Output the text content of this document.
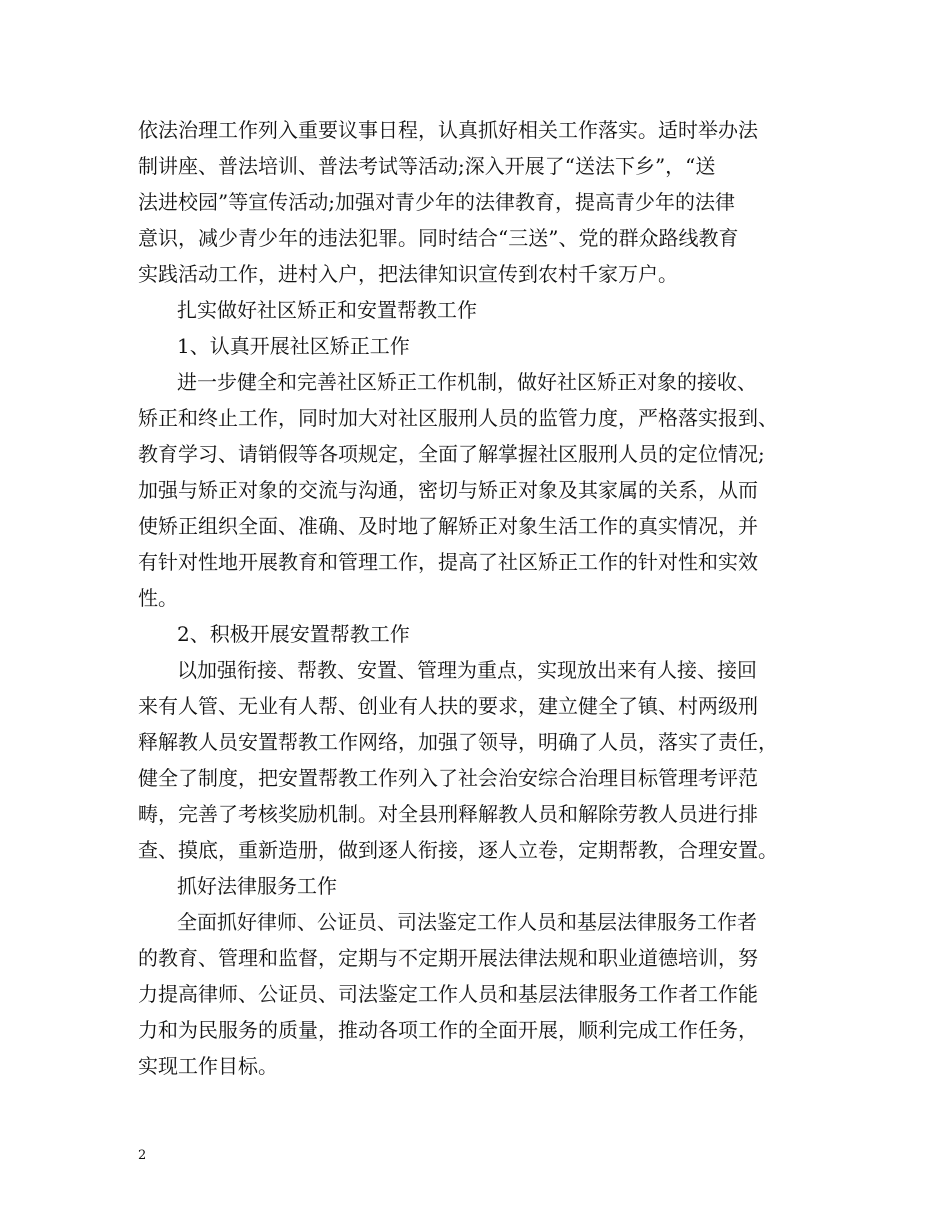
依法治理工作列入重要议事日程，认真抓好相关工作落实。适时举办法
制讲座、普法培训、普法考试等活动;深入开展了“送法下乡”，“送
法进校园”等宣传活动;加强对青少年的法律教育，提高青少年的法律
意识，减少青少年的违法犯罪。同时结合“三送”、党的群众路线教育
实践活动工作，进村入户，把法律知识宣传到农村千家万户。
扎实做好社区矫正和安置帮教工作
1、认真开展社区矫正工作
进一步健全和完善社区矫正工作机制，做好社区矫正对象的接收、
矫正和终止工作，同时加大对社区服刑人员的监管力度，严格落实报到、
教育学习、请销假等各项规定，全面了解掌握社区服刑人员的定位情况;
加强与矫正对象的交流与沟通，密切与矫正对象及其家属的关系，从而
使矫正组织全面、准确、及时地了解矫正对象生活工作的真实情况，并
有针对性地开展教育和管理工作，提高了社区矫正工作的针对性和实效
性。
2、积极开展安置帮教工作
以加强衔接、帮教、安置、管理为重点，实现放出来有人接、接回
来有人管、无业有人帮、创业有人扶的要求，建立健全了镇、村两级刑
释解教人员安置帮教工作网络，加强了领导，明确了人员，落实了责任，
健全了制度，把安置帮教工作列入了社会治安综合治理目标管理考评范
畴，完善了考核奖励机制。对全县刑释解教人员和解除劳教人员进行排
查、摸底，重新造册，做到逐人衔接，逐人立卷，定期帮教，合理安置。
抓好法律服务工作
全面抓好律师、公证员、司法鉴定工作人员和基层法律服务工作者
的教育、管理和监督，定期与不定期开展法律法规和职业道德培训，努
力提高律师、公证员、司法鉴定工作人员和基层法律服务工作者工作能
力和为民服务的质量，推动各项工作的全面开展，顺利完成工作任务，
实现工作目标。
2
